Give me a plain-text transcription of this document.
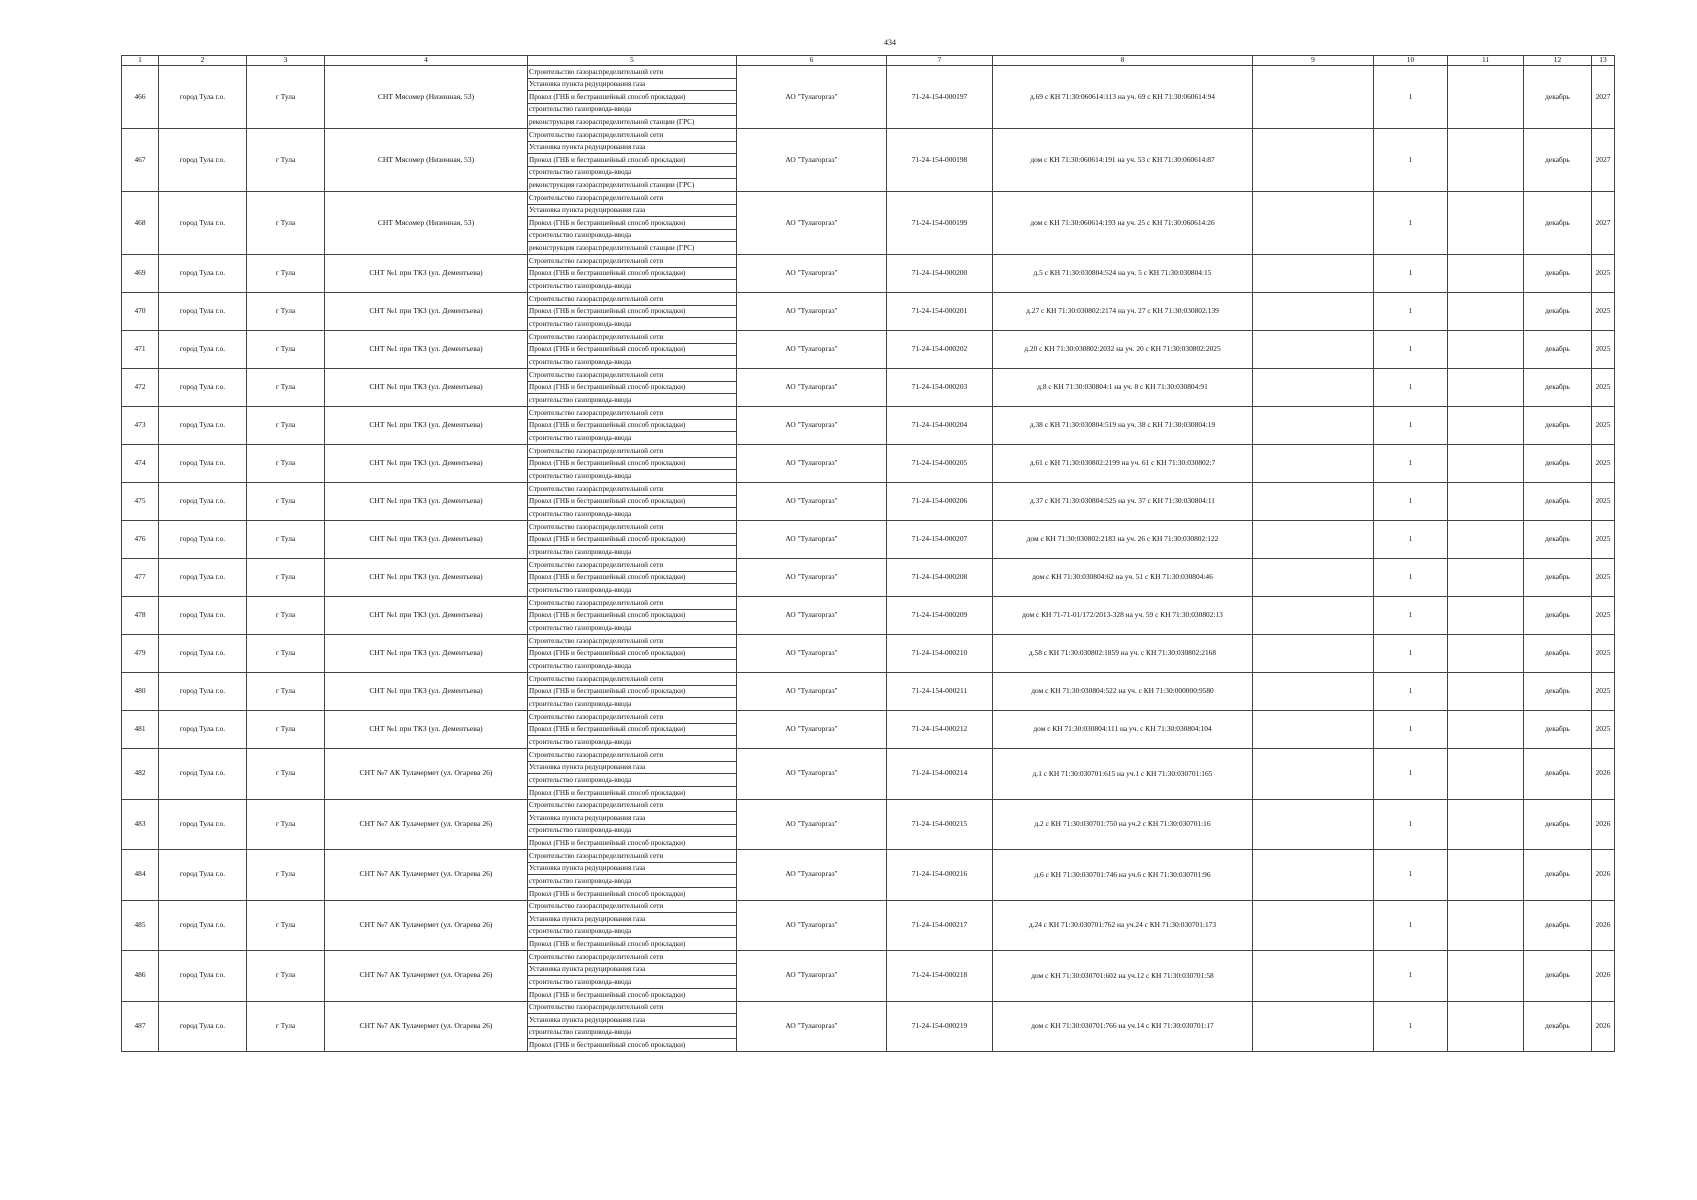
434
1	2	3	4	5	6	7	8	9	10	11	12	13
466	город Тула г.о.	г Тула	СНТ Мясомер (Низинная, 53)	Строительство газораспределительной сети
Установка пункта редуцирования газа
Прокол (ГНБ и бестраншейный способ прокладки)
строительство газопровода-ввода
реконструкция газораспределительной станции (ГРС)	АО "Тулагоргаз"	71-24-154-000197	д.69 с КН 71:30:060614:113 на уч. 69 с КН 71:30:060614:94		1		декабрь	2027
467	город Тула г.о.	г Тула	СНТ Мясомер (Низинная, 53)	Строительство газораспределительной сети
Установка пункта редуцирования газа
Прокол (ГНБ и бестраншейный способ прокладки)
строительство газопровода-ввода
реконструкция газораспределительной станции (ГРС)	АО "Тулагоргаз"	71-24-154-000198	дом с КН 71:30:060614:191 на уч. 53 с КН 71:30:060614:87		1		декабрь	2027
468	город Тула г.о.	г Тула	СНТ Мясомер (Низинная, 53)	Строительство газораспределительной сети
Установка пункта редуцирования газа
Прокол (ГНБ и бестраншейный способ прокладки)
строительство газопровода-ввода
реконструкция газораспределительной станции (ГРС)	АО "Тулагоргаз"	71-24-154-000199	дом с КН 71:30:060614:193 на уч. 25 с КН 71:30:060614:26		1		декабрь	2027
469	город Тула г.о.	г Тула	СНТ №1 при ТКЗ (ул. Дементьева)	Строительство газораспределительной сети
Прокол (ГНБ и бестраншейный способ прокладки)
строительство газопровода-ввода	АО "Тулагоргаз"	71-24-154-000200	д.5 с КН 71:30:030804:524 на уч. 5 с КН 71:30:030804:15		1		декабрь	2025
470	город Тула г.о.	г Тула	СНТ №1 при ТКЗ (ул. Дементьева)	Строительство газораспределительной сети
Прокол (ГНБ и бестраншейный способ прокладки)
строительство газопровода-ввода	АО "Тулагоргаз"	71-24-154-000201	д.27 с КН 71:30:030802:2174 на уч. 27 с КН 71:30:030802:139		1		декабрь	2025
471	город Тула г.о.	г Тула	СНТ №1 при ТКЗ (ул. Дементьева)	Строительство газораспределительной сети
Прокол (ГНБ и бестраншейный способ прокладки)
строительство газопровода-ввода	АО "Тулагоргаз"	71-24-154-000202	д.20 с КН 71:30:030802:2032 на уч. 20 с КН 71:30:030802:2025		1		декабрь	2025
472	город Тула г.о.	г Тула	СНТ №1 при ТКЗ (ул. Дементьева)	Строительство газораспределительной сети
Прокол (ГНБ и бестраншейный способ прокладки)
строительство газопровода-ввода	АО "Тулагоргаз"	71-24-154-000203	д.8 с КН 71:30:030804:1 на уч. 8 с КН 71:30:030804:91		1		декабрь	2025
473	город Тула г.о.	г Тула	СНТ №1 при ТКЗ (ул. Дементьева)	Строительство газораспределительной сети
Прокол (ГНБ и бестраншейный способ прокладки)
строительство газопровода-ввода	АО "Тулагоргаз"	71-24-154-000204	д.38 с КН 71:30:030804:519 на уч. 38 с КН 71:30:030804:19		1		декабрь	2025
474	город Тула г.о.	г Тула	СНТ №1 при ТКЗ (ул. Дементьева)	Строительство газораспределительной сети
Прокол (ГНБ и бестраншейный способ прокладки)
строительство газопровода-ввода	АО "Тулагоргаз"	71-24-154-000205	д.61 с КН 71:30:030802:2199 на уч. 61 с КН 71:30:030802:7		1		декабрь	2025
475	город Тула г.о.	г Тула	СНТ №1 при ТКЗ (ул. Дементьева)	Строительство газораспределительной сети
Прокол (ГНБ и бестраншейный способ прокладки)
строительство газопровода-ввода	АО "Тулагоргаз"	71-24-154-000206	д.37 с КН 71:30:030804:525 на уч. 37 с КН 71:30:030804:11		1		декабрь	2025
476	город Тула г.о.	г Тула	СНТ №1 при ТКЗ (ул. Дементьева)	Строительство газораспределительной сети
Прокол (ГНБ и бестраншейный способ прокладки)
строительство газопровода-ввода	АО "Тулагоргаз"	71-24-154-000207	дом с КН 71:30:030802:2183 на уч. 26 с КН 71:30:030802:122		1		декабрь	2025
477	город Тула г.о.	г Тула	СНТ №1 при ТКЗ (ул. Дементьева)	Строительство газораспределительной сети
Прокол (ГНБ и бестраншейный способ прокладки)
строительство газопровода-ввода	АО "Тулагоргаз"	71-24-154-000208	дом с КН 71:30:030804:62 на уч. 51 с КН 71:30:030804:46		1		декабрь	2025
478	город Тула г.о.	г Тула	СНТ №1 при ТКЗ (ул. Дементьева)	Строительство газораспределительной сети
Прокол (ГНБ и бестраншейный способ прокладки)
строительство газопровода-ввода	АО "Тулагоргаз"	71-24-154-000209	дом с КН 71-71-01/172/2013-328 на уч. 59 с КН 71:30:030802:13		1		декабрь	2025
479	город Тула г.о.	г Тула	СНТ №1 при ТКЗ (ул. Дементьева)	Строительство газораспределительной сети
Прокол (ГНБ и бестраншейный способ прокладки)
строительство газопровода-ввода	АО "Тулагоргаз"	71-24-154-000210	д.58 с КН 71:30:030802:1859 на уч. с КН 71:30:030802:2168		1		декабрь	2025
480	город Тула г.о.	г Тула	СНТ №1 при ТКЗ (ул. Дементьева)	Строительство газораспределительной сети
Прокол (ГНБ и бестраншейный способ прокладки)
строительство газопровода-ввода	АО "Тулагоргаз"	71-24-154-000211	дом с КН 71:30:030804:522 на уч. с КН 71:30:000000:9580		1		декабрь	2025
481	город Тула г.о.	г Тула	СНТ №1 при ТКЗ (ул. Дементьева)	Строительство газораспределительной сети
Прокол (ГНБ и бестраншейный способ прокладки)
строительство газопровода-ввода	АО "Тулагоргаз"	71-24-154-000212	дом с КН 71:30:030804:111 на уч. с КН 71:30:030804:104		1		декабрь	2025
482	город Тула г.о.	г Тула	СНТ №7 АК Тулачермет (ул. Огарева 26)	Строительство газораспределительной сети
Установка пункта редуцирования газа
строительство газопровода-ввода
Прокол (ГНБ и бестраншейный способ прокладки)	АО "Тулагоргаз"	71-24-154-000214	д.1 с КН 71:30:030701:615 на уч.1 с КН 71:30:030701:165		1		декабрь	2026
483	город Тула г.о.	г Тула	СНТ №7 АК Тулачермет (ул. Огарева 26)	Строительство газораспределительной сети
Установка пункта редуцирования газа
строительство газопровода-ввода
Прокол (ГНБ и бестраншейный способ прокладки)	АО "Тулагоргаз"	71-24-154-000215	д.2 с КН 71:30:030701:750 на уч.2 с КН 71:30:030701:16		1		декабрь	2026
484	город Тула г.о.	г Тула	СНТ №7 АК Тулачермет (ул. Огарева 26)	Строительство газораспределительной сети
Установка пункта редуцирования газа
строительство газопровода-ввода
Прокол (ГНБ и бестраншейный способ прокладки)	АО "Тулагоргаз"	71-24-154-000216	д.6 с КН 71:30:030701:746 на уч.6 с КН 71:30:030701:96		1		декабрь	2026
485	город Тула г.о.	г Тула	СНТ №7 АК Тулачермет (ул. Огарева 26)	Строительство газораспределительной сети
Установка пункта редуцирования газа
строительство газопровода-ввода
Прокол (ГНБ и бестраншейный способ прокладки)	АО "Тулагоргаз"	71-24-154-000217	д.24 с КН 71:30:030701:762 на уч.24 с КН 71:30:030701:173		1		декабрь	2026
486	город Тула г.о.	г Тула	СНТ №7 АК Тулачермет (ул. Огарева 26)	Строительство газораспределительной сети
Установка пункта редуцирования газа
строительство газопровода-ввода
Прокол (ГНБ и бестраншейный способ прокладки)	АО "Тулагоргаз"	71-24-154-000218	дом с КН 71:30:030701:602 на уч.12 с КН 71:30:030701:58		1		декабрь	2026
487	город Тула г.о.	г Тула	СНТ №7 АК Тулачермет (ул. Огарева 26)	Строительство газораспределительной сети
Установка пункта редуцирования газа
строительство газопровода-ввода
Прокол (ГНБ и бестраншейный способ прокладки)	АО "Тулагоргаз"	71-24-154-000219	дом с КН 71:30:030701:766 на уч.14 с КН 71:30:030701:17		1		декабрь	2026
